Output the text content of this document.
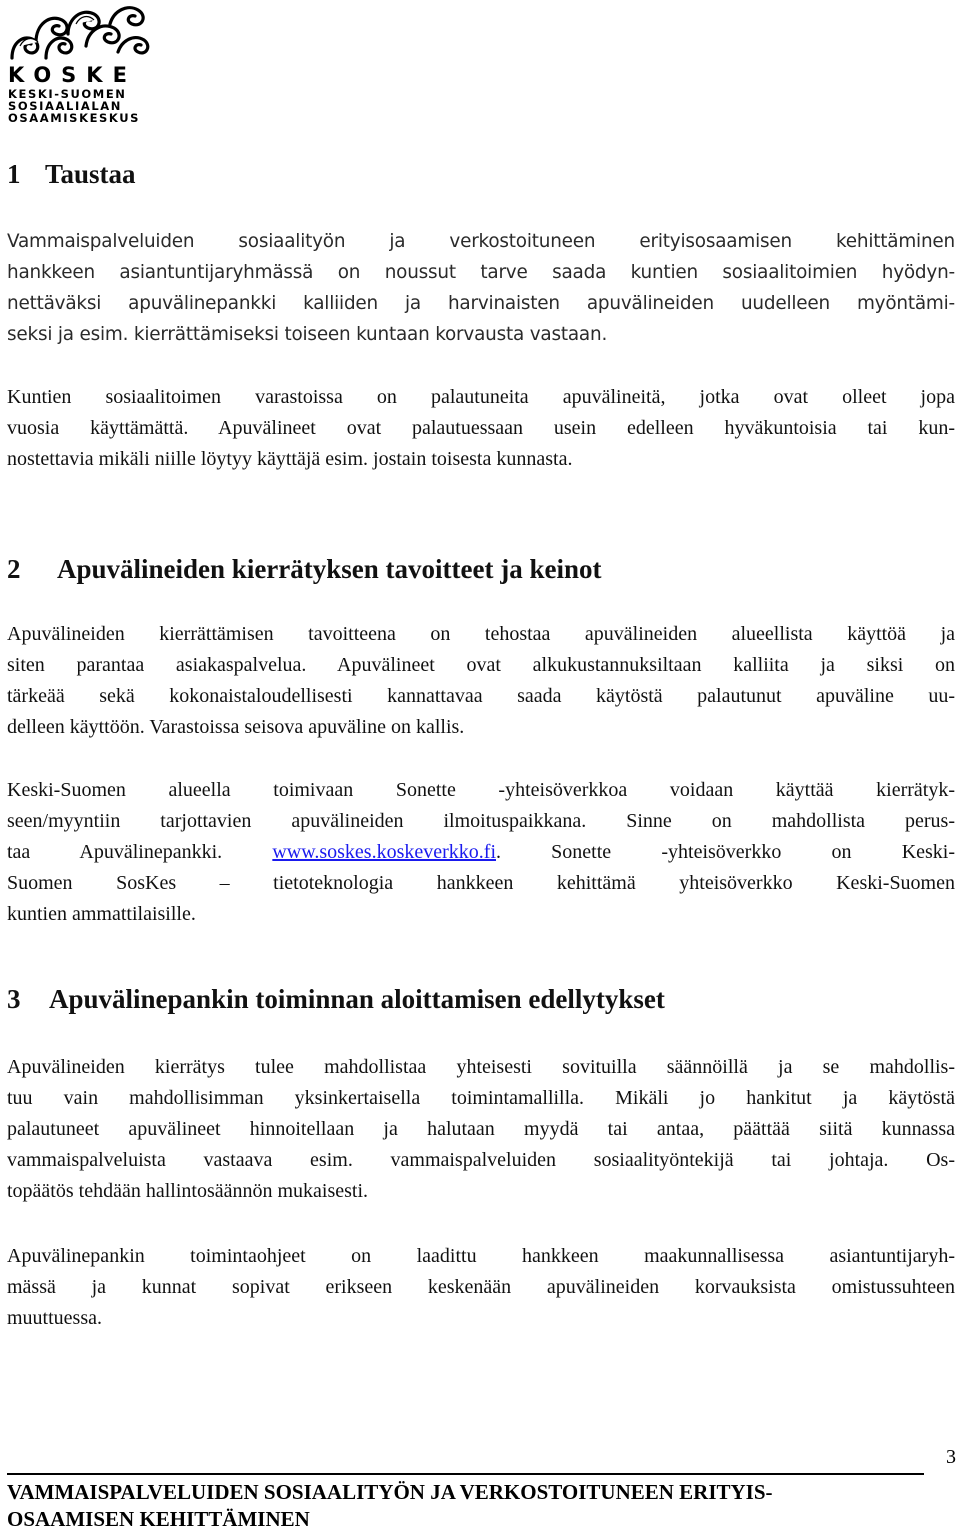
KOSKE
KESKI-SUOMEN
SOSIAALIALAN
OSAAMISKESKUS
1 Taustaa
Vammaispalveluiden sosiaalityön ja verkostoituneen erityisosaamisen kehittäminen
hankkeen asiantuntijaryhmässä on noussut tarve saada kuntien sosiaalitoimien hyödyn-
nettäväksi apuvälinepankki kalliiden ja harvinaisten apuvälineiden uudelleen myöntämi-
seksi ja esim. kierrättämiseksi toiseen kuntaan korvausta vastaan.
Kuntien sosiaalitoimen varastoissa on palautuneita apuvälineitä, jotka ovat olleet jopa
vuosia käyttämättä. Apuvälineet ovat palautuessaan usein edelleen hyväkuntoisia tai kun-
nostettavia mikäli niille löytyy käyttäjä esim. jostain toisesta kunnasta.
2 Apuvälineiden kierrätyksen tavoitteet ja keinot
Apuvälineiden kierrättämisen tavoitteena on tehostaa apuvälineiden alueellista käyttöä ja
siten parantaa asiakaspalvelua. Apuvälineet ovat alkukustannuksiltaan kalliita ja siksi on
tärkeää sekä kokonaistaloudellisesti kannattavaa saada käytöstä palautunut apuväline uu-
delleen käyttöön. Varastoissa seisova apuväline on kallis.
Keski-Suomen alueella toimivaan Sonette -yhteisöverkkoa voidaan käyttää kierrätyk-
seen/myyntiin tarjottavien apuvälineiden ilmoituspaikkana. Sinne on mahdollista perus-
taa Apuvälinepankki. www.soskes.koskeverkko.fi. Sonette -yhteisöverkko on Keski-
Suomen SosKes – tietoteknologia hankkeen kehittämä yhteisöverkko Keski-Suomen
kuntien ammattilaisille.
3 Apuvälinepankin toiminnan aloittamisen edellytykset
Apuvälineiden kierrätys tulee mahdollistaa yhteisesti sovituilla säännöillä ja se mahdollis-
tuu vain mahdollisimman yksinkertaisella toimintamallilla. Mikäli jo hankitut ja käytöstä
palautuneet apuvälineet hinnoitellaan ja halutaan myydä tai antaa, päättää siitä kunnassa
vammaispalveluista vastaava esim. vammaispalveluiden sosiaalityöntekijä tai johtaja. Os-
topäätös tehdään hallintosäännön mukaisesti.
Apuvälinepankin toimintaohjeet on laadittu hankkeen maakunnallisessa asiantuntijaryh-
mässä ja kunnat sopivat erikseen keskenään apuvälineiden korvauksista omistussuhteen
muuttuessa.
3
VAMMAISPALVELUIDEN SOSIAALITYÖN JA VERKOSTOITUNEEN ERITYIS-
OSAAMISEN KEHITTÄMINEN
